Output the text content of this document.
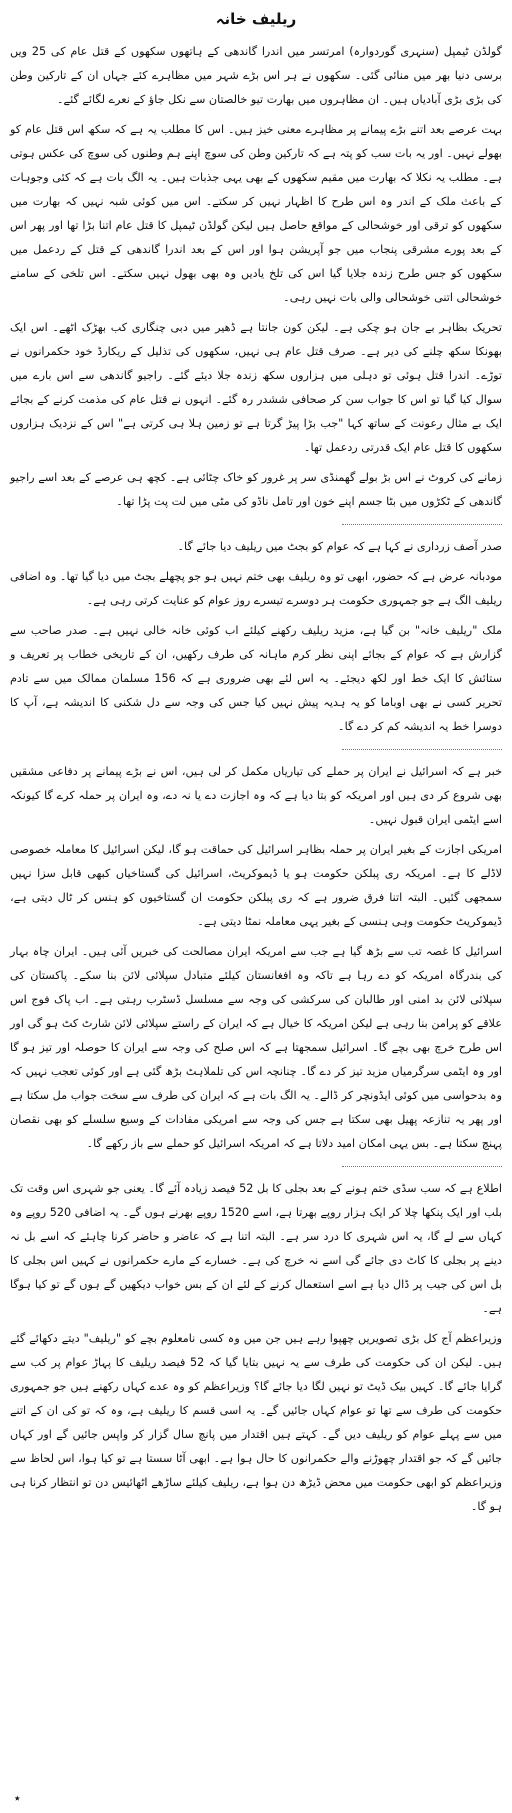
ریلیف خانہ

گولڈن ٹیمپل (سنہری گوردوارہ) امرتسر میں اندرا گاندھی کے ہاتھوں سکھوں کے قتل عام کی 25 ویں برسی دنیا بھر میں منائی گئی۔ سکھوں نے ہر اس بڑے شہر میں مظاہرے کئے جہاں ان کے تارکین وطن کی بڑی بڑی آبادیاں ہیں۔ ان مظاہروں میں بھارت تیو خالصتان سے نکل جاؤ کے نعرے لگائے گئے۔

بہت عرصے بعد اتنے بڑے پیمانے پر مظاہرے معنی خیز ہیں۔ اس کا مطلب یہ ہے کہ سکھ اس قتل عام کو بھولے نہیں۔ اور یہ بات سب کو پتہ ہے کہ تارکین وطن کی سوچ اپنے ہم وطنوں کی سوچ کی عکس ہوتی ہے۔ مطلب یہ نکلا کہ بھارت میں مقیم سکھوں کے بھی یہی جذبات ہیں۔ یہ الگ بات ہے کہ کئی وجوہات کے باعث ملک کے اندر وہ اس طرح کا اظہار نہیں کر سکتے۔ اس میں کوئی شبہ نہیں کہ بھارت میں سکھوں کو ترقی اور خوشحالی کے مواقع حاصل ہیں لیکن گولڈن ٹیمپل کا قتل عام اتنا بڑا تھا اور پھر اس کے بعد پورے مشرقی پنجاب میں جو آپریشن ہوا اور اس کے بعد اندرا گاندھی کے قتل کے ردعمل میں سکھوں کو جس طرح زندہ جلایا گیا اس کی تلخ یادیں وہ بھی بھول نہیں سکتے۔ اس تلخی کے سامنے خوشحالی اتنی خوشحالی والی بات نہیں رہی۔

تحریک بظاہر بے جان ہو چکی ہے۔ لیکن کون جانتا ہے ڈھیر میں دبی چنگاری کب بھڑک اٹھے۔ اس ایک بھونکا سکھ چلنے کی دیر ہے۔ صرف قتل عام ہی نہیں، سکھوں کی تذلیل کے ریکارڈ خود حکمرانوں نے توڑے۔ اندرا قتل ہوئی تو دہلی میں ہزاروں سکھ زندہ جلا دیئے گئے۔ راجیو گاندھی سے اس بارے میں سوال کیا گیا تو اس کا جواب سن کر صحافی ششدر رہ گئے۔ انہوں نے قتل عام کی مذمت کرنے کے بجائے ایک بے مثال رعونت کے ساتھ کہا "جب بڑا پیڑ گرتا ہے تو زمین ہلا ہی کرتی ہے" اس کے نزدیک ہزاروں سکھوں کا قتل عام ایک قدرتی ردعمل تھا۔

زمانے کی کروٹ نے اس بڑ بولے گھمنڈی سر پر غرور کو خاک چٹائی ہے۔ کچھ ہی عرصے کے بعد اسے راجیو گاندھی کے ٹکڑوں میں بٹا جسم اپنے خون اور تامل ناڈو کی مٹی میں لت پت پڑا تھا۔

صدر آصف زرداری نے کہا ہے کہ عوام کو بجٹ میں ریلیف دیا جائے گا۔

مودبانہ عرض ہے کہ حضور، ابھی تو وہ ریلیف بھی ختم نہیں ہو جو پچھلے بجٹ میں دیا گیا تھا۔ وہ اضافی ریلیف الگ ہے جو جمہوری حکومت ہر دوسرے تیسرے روز عوام کو عنایت کرتی رہی ہے۔

ملک "ریلیف خانہ" بن گیا ہے، مزید ریلیف رکھنے کیلئے اب کوئی خانہ خالی نہیں ہے۔ صدر صاحب سے گزارش ہے کہ عوام کے بجائے اپنی نظر کرم ماہانہ کی طرف رکھیں، ان کے تاریخی خطاب پر تعریف و ستائش کا ایک خط اور لکھ دیجئے۔ یہ اس لئے بھی ضروری ہے کہ 156 مسلمان ممالک میں سے تادم تحریر کسی نے بھی اوباما کو یہ ہدیہ پیش نہیں کیا جس کی وجہ سے دل شکنی کا اندیشہ ہے، آپ کا دوسرا خط یہ اندیشہ کم کر دے گا۔

خبر ہے کہ اسرائیل نے ایران پر حملے کی تیاریاں مکمل کر لی ہیں، اس نے بڑے پیمانے پر دفاعی مشقیں بھی شروع کر دی ہیں اور امریکہ کو بتا دیا ہے کہ وہ اجازت دے یا نہ دے، وہ ایران پر حملہ کرے گا کیونکہ اسے ایٹمی ایران قبول نہیں۔

امریکی اجازت کے بغیر ایران پر حملہ بظاہر اسرائیل کی حماقت ہو گا، لیکن اسرائیل کا معاملہ خصوصی لاڈلے کا ہے۔ امریکہ ری پبلکن حکومت ہو یا ڈیموکریٹ، اسرائیل کی گستاخیاں کبھی قابل سزا نہیں سمجھی گئیں۔ البتہ اتنا فرق ضرور ہے کہ ری پبلکن حکومت ان گستاخیوں کو ہنس کر ٹال دیتی ہے، ڈیموکریٹ حکومت وہی ہنسی کے بغیر یہی معاملہ نمٹا دیتی ہے۔

اسرائیل کا غصہ تب سے بڑھ گیا ہے جب سے امریکہ ایران مصالحت کی خبریں آئی ہیں۔ ایران چاہ بہار کی بندرگاہ امریکہ کو دے رہا ہے تاکہ وہ افغانستان کیلئے متبادل سپلائی لائن بنا سکے۔ پاکستان کی سپلائی لائن بد امنی اور طالبان کی سرکشی کی وجہ سے مسلسل ڈسٹرب رہتی ہے۔ اب پاک فوج اس علاقے کو پرامن بنا رہی ہے لیکن امریکہ کا خیال ہے کہ ایران کے راستے سپلائی لائن شارٹ کٹ ہو گی اور اس طرح خرچ بھی بچے گا۔ اسرائیل سمجھتا ہے کہ اس صلح کی وجہ سے ایران کا حوصلہ اور تیز ہو گا اور وہ ایٹمی سرگرمیاں مزید تیز کر دے گا۔ چنانچہ اس کی تلملاہٹ بڑھ گئی ہے اور کوئی تعجب نہیں کہ وہ بدحواسی میں کوئی ایڈونچر کر ڈالے۔ یہ الگ بات ہے کہ ایران کی طرف سے سخت جواب مل سکتا ہے اور پھر یہ تنازعہ پھیل بھی سکتا ہے جس کی وجہ سے امریکی مفادات کے وسیع سلسلے کو بھی نقصان پہنچ سکتا ہے۔ بس یہی امکان امید دلاتا ہے کہ امریکہ اسرائیل کو حملے سے باز رکھے گا۔

اطلاع ہے کہ سب سڈی ختم ہونے کے بعد بجلی کا بل 52 فیصد زیادہ آئے گا۔ یعنی جو شہری اس وقت تک بلب اور ایک پنکھا چلا کر ایک ہزار روپے بھرتا ہے، اسے 1520 روپے بھرنے ہوں گے۔ یہ اضافی 520 روپے وہ کہاں سے لے گا، یہ اس شہری کا درد سر ہے۔ البتہ اتنا ہے کہ عاضر و حاضر کرنا چاہئے کہ اسے بل نہ دینے پر بجلی کا کاٹ دی جائے گی اسے نہ خرچ کی ہے۔ خسارے کے مارے حکمرانوں نے کہیں اس بجلی کا بل اس کی جیب پر ڈال دیا ہے اسے استعمال کرنے کے لئے ان کے بس خواب دیکھیں گے ہوں گے تو کیا ہوگا ہے۔

وزیراعظم آج کل بڑی تصویریں چھپوا رہے ہیں جن میں وہ کسی نامعلوم بچے کو "ریلیف" دیتے دکھائے گئے ہیں۔ لیکن ان کی حکومت کی طرف سے یہ نہیں بتایا گیا کہ 52 فیصد ریلیف کا پہاڑ عوام پر کب سے گرایا جائے گا۔ کہیں بیک ڈیٹ تو نہیں لگا دیا جائے گا؟ وزیراعظم کو وہ عدے کہاں رکھنے ہیں جو جمہوری حکومت کی طرف سے تھا تو عوام کہاں جائیں گے۔ یہ اسی قسم کا ریلیف ہے، وہ کہ تو کی ان کے اتنے میں سے پہلے عوام کو ریلیف دیں گے۔ کہتے ہیں اقتدار میں پانچ سال گزار کر واپس جائیں گے اور کہاں جائیں گے کہ جو اقتدار چھوڑنے والے حکمرانوں کا حال ہوا ہے۔ ابھی آٹا سستا ہے تو کیا ہوا، اس لحاظ سے وزیراعظم کو ابھی حکومت میں محض ڈیڑھ دن ہوا ہے، ریلیف کیلئے ساڑھے اٹھائیس دن تو انتظار کرنا ہی ہو گا۔

٭
